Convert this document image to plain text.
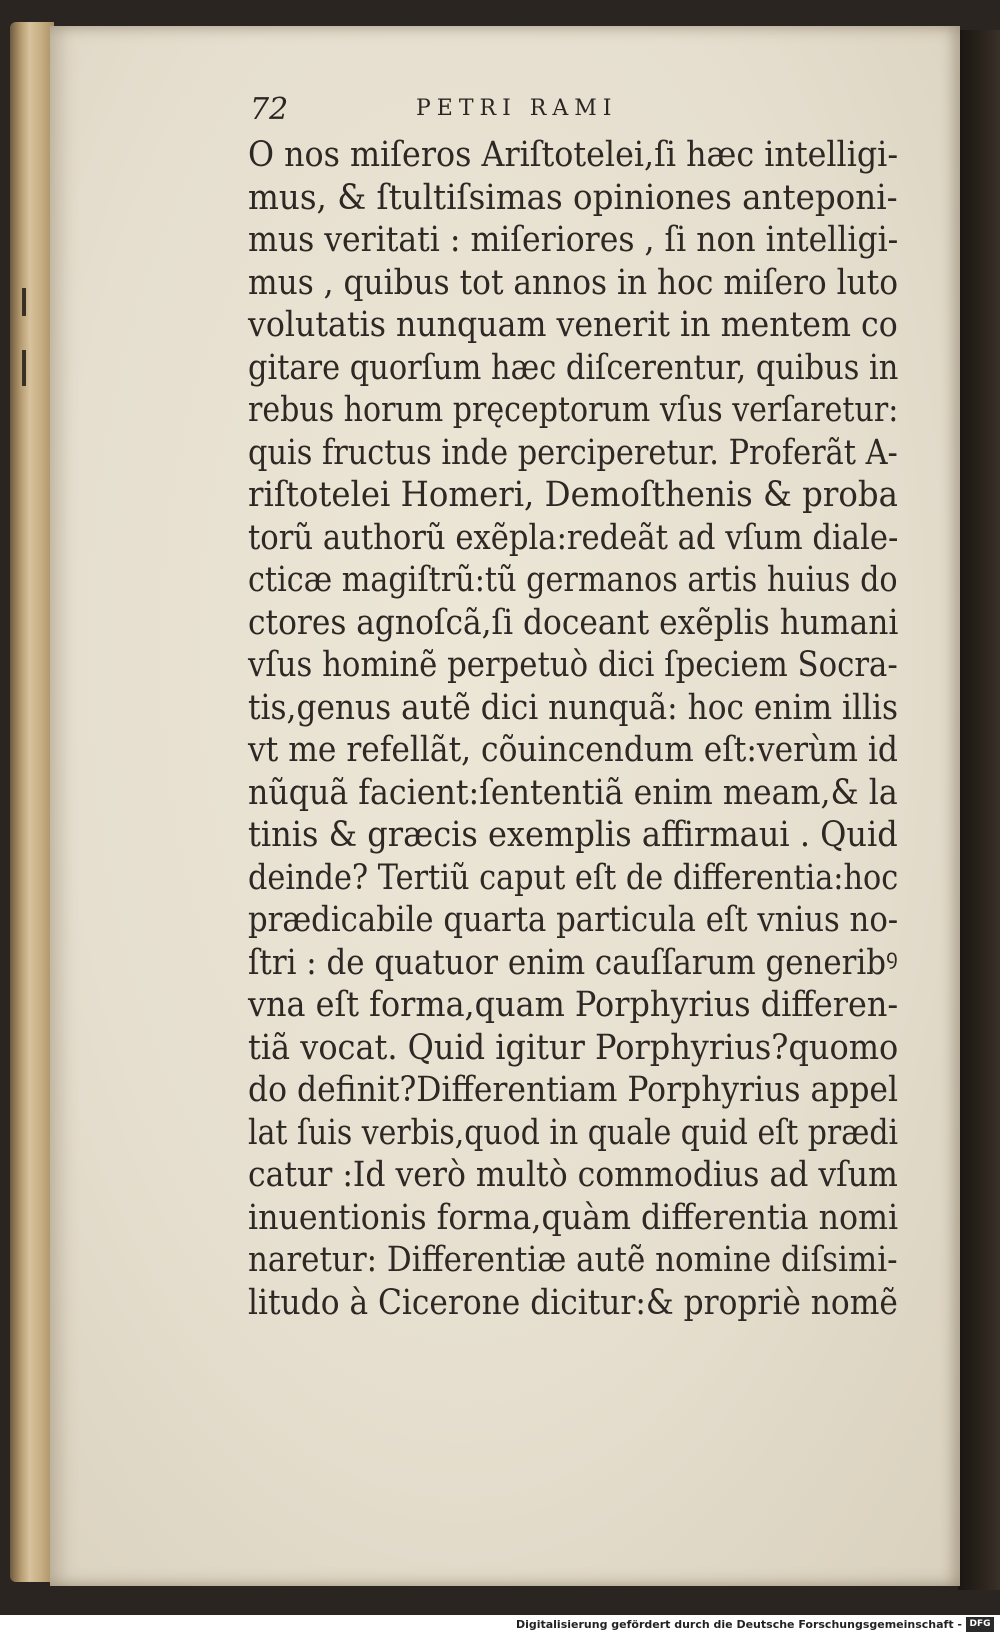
72	PETRI RAMI
O nos miſeros Ariſtotelei,ſi hæc intelligi-
mus, & ſtultiſsimas opiniones anteponi-
mus veritati : miſeriores , ſi non intelligi-
mus , quibus tot annos in hoc miſero luto
volutatis nunquam venerit in mentem co
gitare quorſum hæc diſcerentur, quibus in
rebus horum pręceptorum vſus verſaretur:
quis fructus inde perciperetur. Proferãt A-
riſtotelei Homeri, Demoſthenis & proba
torũ authorũ exẽpla:redeãt ad vſum diale-
cticæ magiſtrũ:tũ germanos artis huius do
ctores agnoſcã,ſi doceant exẽplis humani
vſus hominẽ perpetuò dici ſpeciem Socra-
tis,genus autẽ dici nunquã: hoc enim illis
vt me refellãt, cõuincendum eſt:verùm id
nũquã facient:ſententiã enim meam,& la
tinis & græcis exemplis affirmaui . Quid
deinde? Tertiũ caput eſt de differentia:hoc
prædicabile quarta particula eſt vnius no-
ſtri : de quatuor enim cauſſarum generibꝰ
vna eſt forma,quam Porphyrius differen-
tiã vocat. Quid igitur Porphyrius?quomo
do definit?Differentiam Porphyrius appel
lat ſuis verbis,quod in quale quid eſt prædi
catur :Id verò multò commodius ad vſum
inuentionis forma,quàm differentia nomi
naretur: Differentiæ autẽ nomine diſsimi-
litudo à Cicerone dicitur:& propriè nomẽ
Digitalisierung gefördert durch die Deutsche Forschungsgemeinschaft - DFG
